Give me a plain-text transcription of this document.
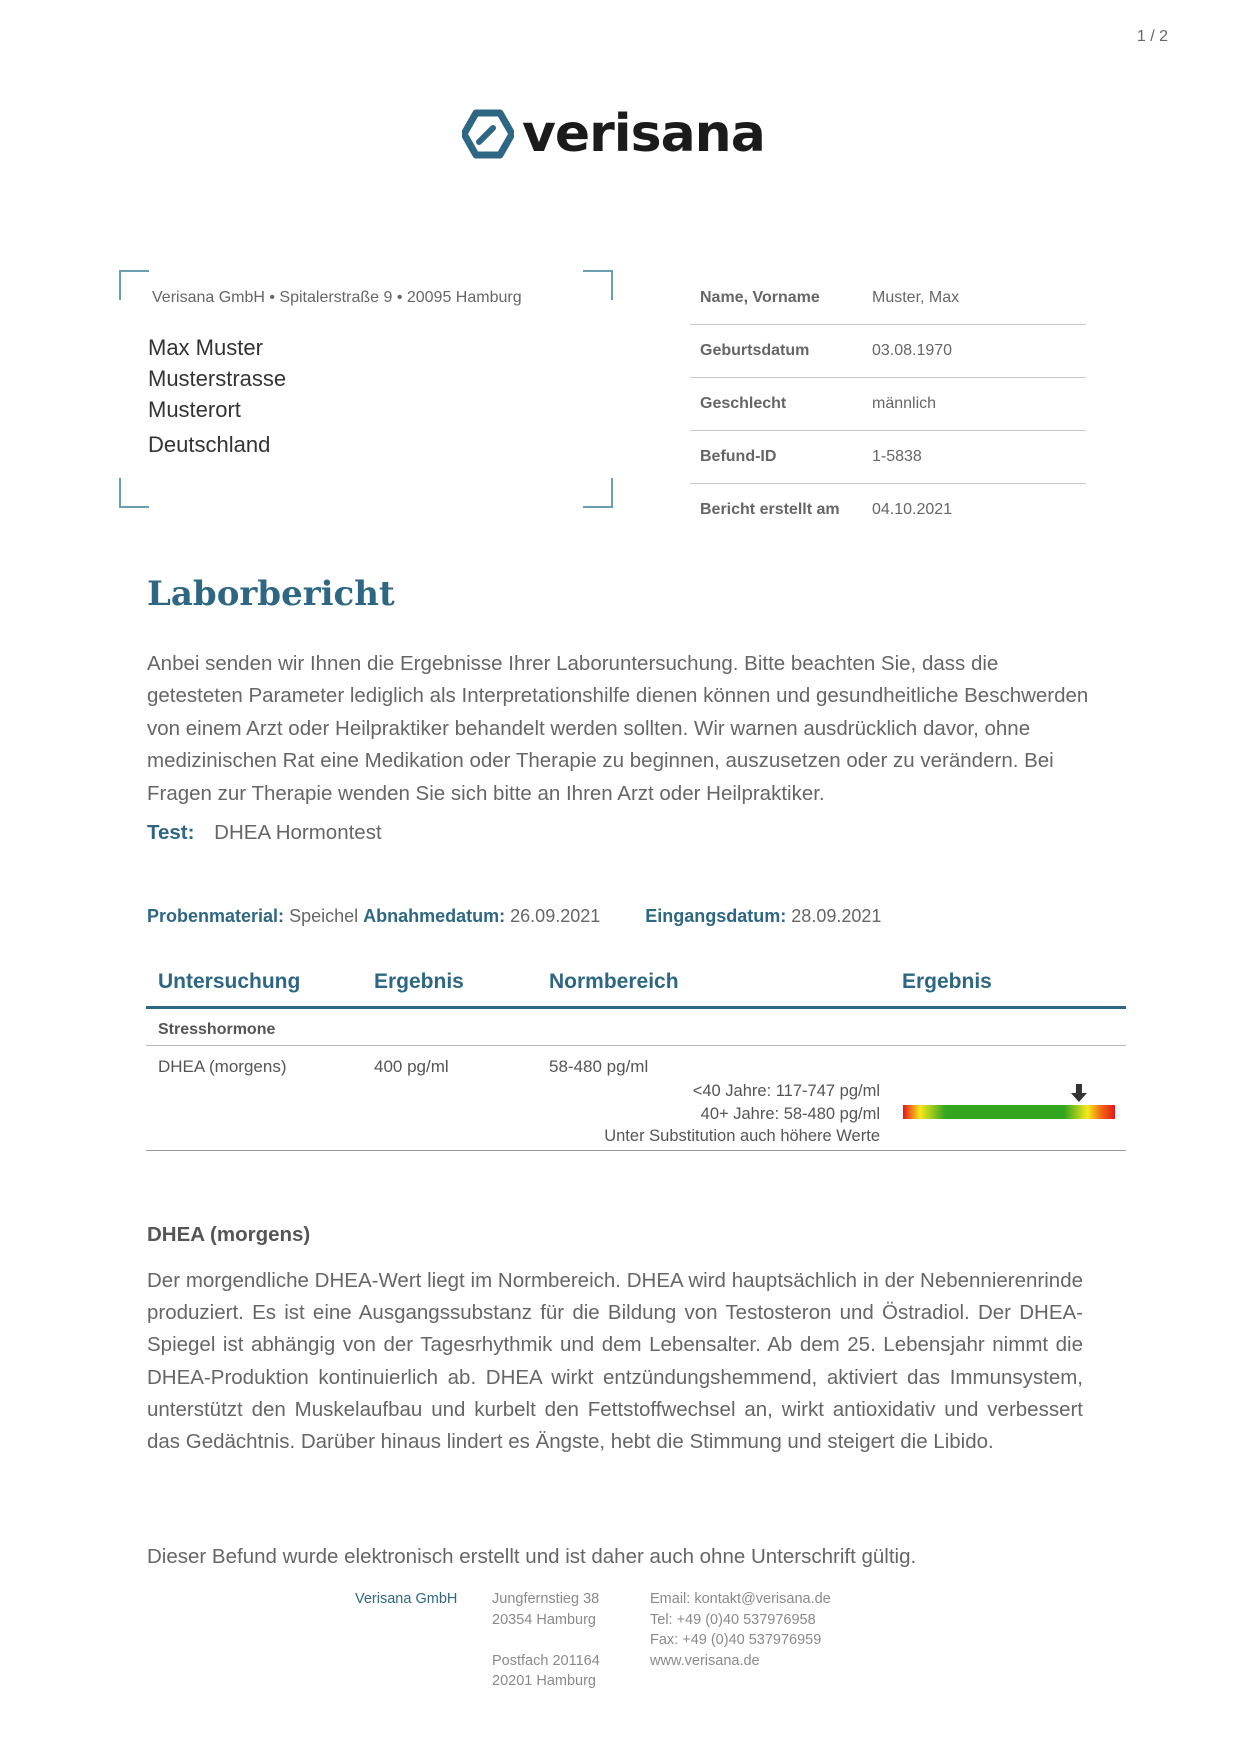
1 / 2
verisana
Verisana GmbH • Spitalerstraße 9 • 20095 Hamburg
Max Muster
Musterstrasse
Musterort
Deutschland
Name, Vorname	Muster, Max
Geburtsdatum	03.08.1970
Geschlecht	männlich
Befund-ID	1-5838
Bericht erstellt am	04.10.2021
Laborbericht
Anbei senden wir Ihnen die Ergebnisse Ihrer Laboruntersuchung. Bitte beachten Sie, dass die getesteten Parameter lediglich als Interpretationshilfe dienen können und gesundheitliche Beschwerden von einem Arzt oder Heilpraktiker behandelt werden sollten. Wir warnen ausdrücklich davor, ohne medizinischen Rat eine Medikation oder Therapie zu beginnen, auszusetzen oder zu verändern. Bei Fragen zur Therapie wenden Sie sich bitte an Ihren Arzt oder Heilpraktiker.
Test: DHEA Hormontest
Probenmaterial: Speichel Abnahmedatum: 26.09.2021	Eingangsdatum: 28.09.2021
Untersuchung	Ergebnis	Normbereich	Ergebnis
Stresshormone
DHEA (morgens)	400 pg/ml	58-480 pg/ml
<40 Jahre: 117-747 pg/ml
40+ Jahre: 58-480 pg/ml
Unter Substitution auch höhere Werte
DHEA (morgens)
Der morgendliche DHEA-Wert liegt im Normbereich. DHEA wird hauptsächlich in der Nebennierenrinde produziert. Es ist eine Ausgangssubstanz für die Bildung von Testosteron und Östradiol. Der DHEA-Spiegel ist abhängig von der Tagesrhythmik und dem Lebensalter. Ab dem 25. Lebensjahr nimmt die DHEA-Produktion kontinuierlich ab. DHEA wirkt entzündungshemmend, aktiviert das Immunsystem, unterstützt den Muskelaufbau und kurbelt den Fettstoffwechsel an, wirkt antioxidativ und verbessert das Gedächtnis. Darüber hinaus lindert es Ängste, hebt die Stimmung und steigert die Libido.
Dieser Befund wurde elektronisch erstellt und ist daher auch ohne Unterschrift gültig.
Verisana GmbH Jungfernstieg 38
20354 Hamburg
Postfach 201164
20201 Hamburg
Email: kontakt@verisana.de
Tel: +49 (0)40 537976958
Fax: +49 (0)40 537976959
www.verisana.de
